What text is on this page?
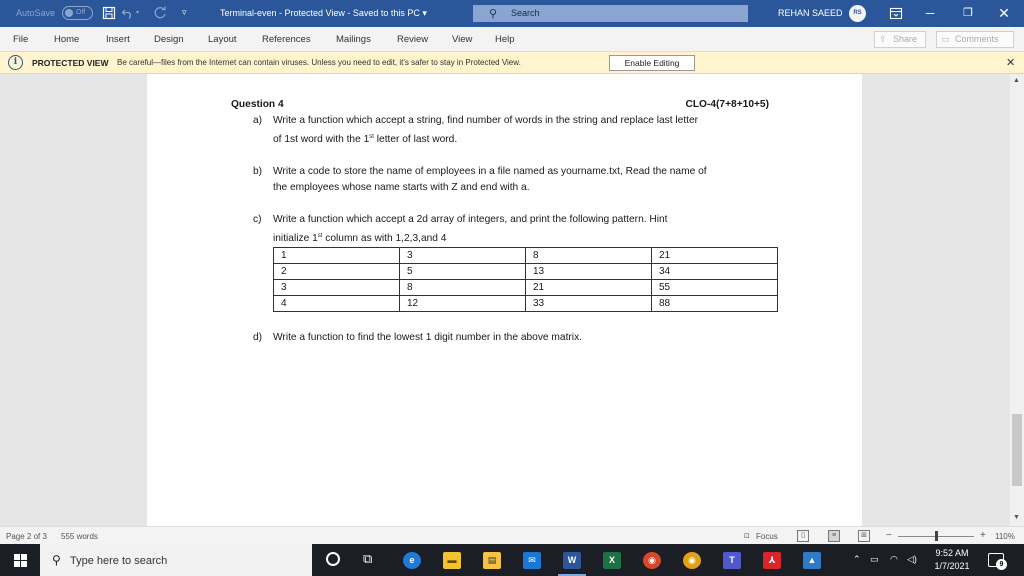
AutoSave	Off	▾	▿	Terminal-even - Protected View - Saved to this PC ▾	⚲ Search	REHAN SAEED	RS	─	❐	✕
File	Home	Insert	Design	Layout	References	Mailings	Review	View Help	⇪ Share	▭ Comments
i	PROTECTED VIEW Be careful—files from the Internet can contain viruses. Unless you need to edit, it's safer to stay in Protected View.	Enable Editing	✕
Question 4	CLO-4(7+8+10+5)
a) Write a function which accept a string, find number of words in the string and replace last letter
of 1st word with the 1st letter of last word.
b) Write a code to store the name of employees in a file named as yourname.txt, Read the name of
the employees whose name starts with Z and end with a.
c) Write a function which accept a 2d array of integers, and print the following pattern. Hint
initialize 1st column as with 1,2,3,and 4
1	3	8	21
2	5	13	34
3	8	21	55
4	12	33	88
d) Write a function to find the lowest 1 digit number in the above matrix.
▲
▼
Page 2 of 3 555 words	⊡ Focus	▯	≡	⊞	−	+ 110%
⚲ Type here to search	⧉	e	▬	▤	✉	W	X	◉	◉	T	⅄	▲	⌃ ▭ ◠ ◁)
9:52 AM
1/7/2021	9
